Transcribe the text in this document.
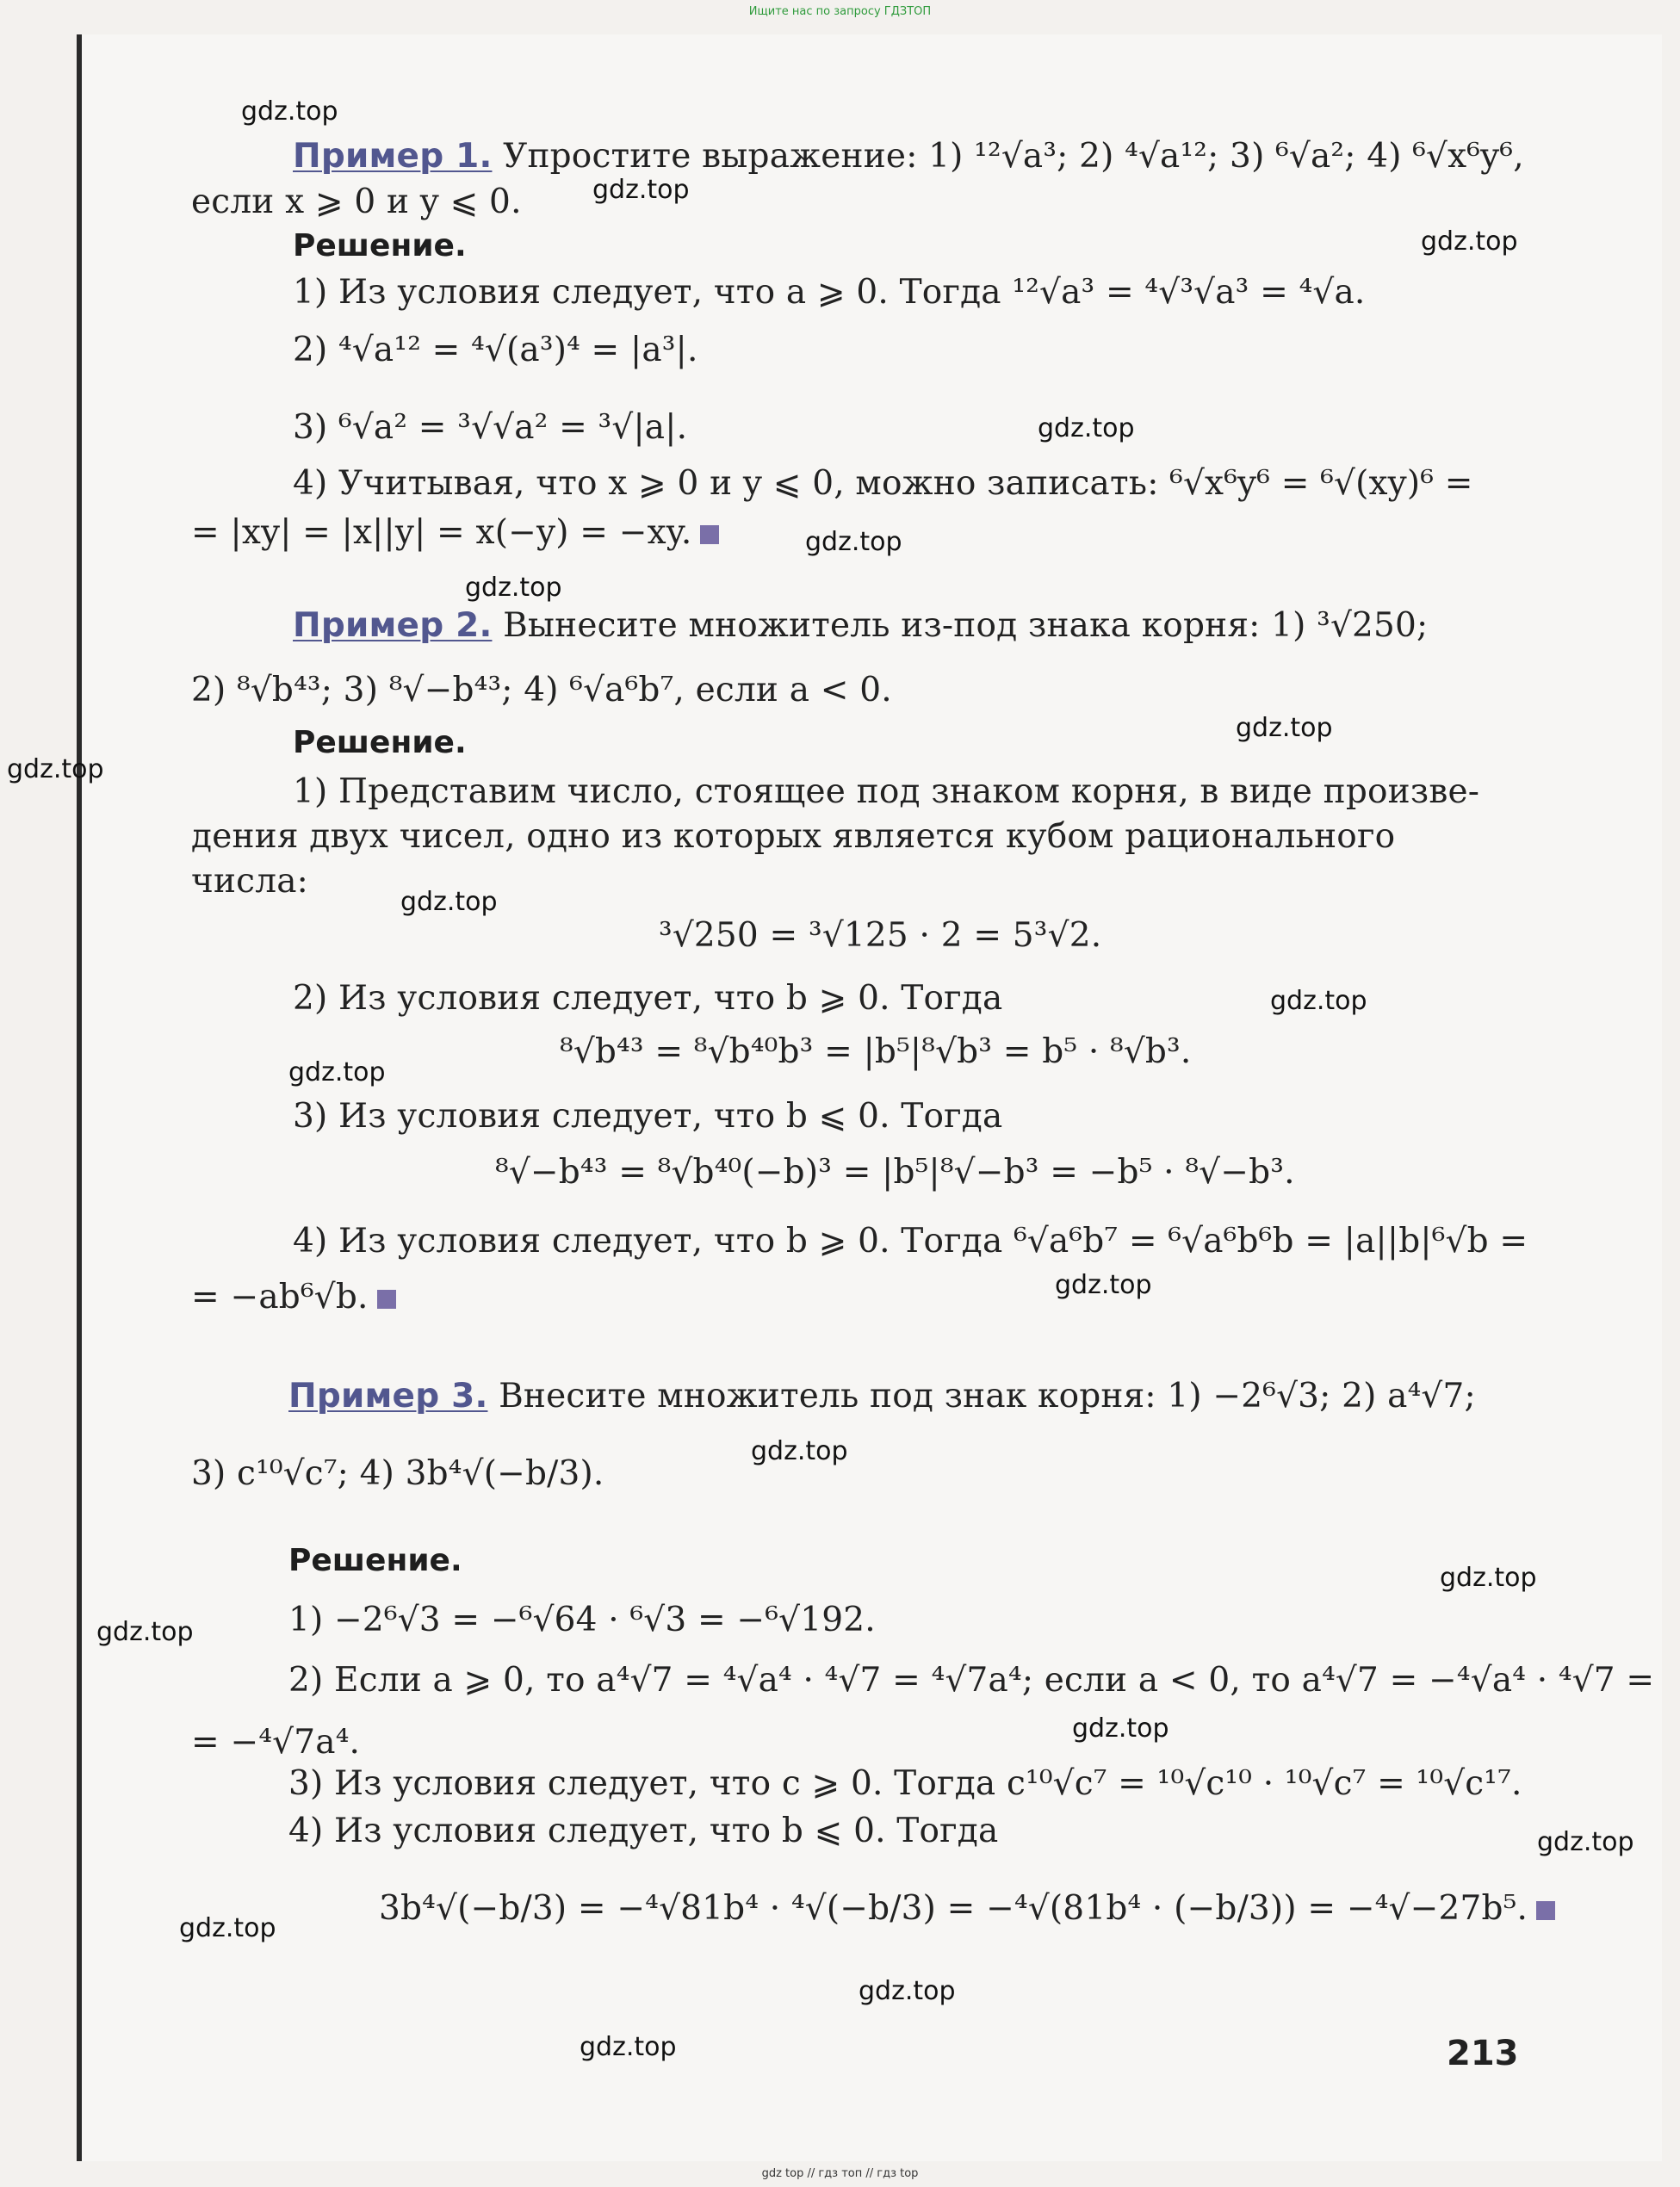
Ищите нас по запросу ГДЗТОП
gdz.top
gdz.top
gdz.top
gdz.top
gdz.top
gdz.top
gdz.top
gdz.top
gdz.top
gdz.top
gdz.top
gdz.top
gdz.top
gdz.top
gdz.top
gdz.top
gdz.top
gdz.top
gdz.top
gdz.top
Пример 1. Упростите выражение: 1) ¹²√a³; 2) ⁴√a¹²; 3) ⁶√a²; 4) ⁶√x⁶y⁶,
если x ⩾ 0 и y ⩽ 0.
Решение.
1) Из условия следует, что a ⩾ 0. Тогда ¹²√a³ = ⁴√³√a³ = ⁴√a.
2) ⁴√a¹² = ⁴√(a³)⁴ = |a³|.
3) ⁶√a² = ³√√a² = ³√|a|.
4) Учитывая, что x ⩾ 0 и y ⩽ 0, можно записать: ⁶√x⁶y⁶ = ⁶√(xy)⁶ =
= |xy| = |x||y| = x(−y) = −xy.
Пример 2. Вынесите множитель из-под знака корня: 1) ³√250;
2) ⁸√b⁴³; 3) ⁸√−b⁴³; 4) ⁶√a⁶b⁷, если a < 0.
Решение.
1) Представим число, стоящее под знаком корня, в виде произве-
дения двух чисел, одно из которых является кубом рационального
числа:
³√250 = ³√125 · 2 = 5³√2.
2) Из условия следует, что b ⩾ 0. Тогда
⁸√b⁴³ = ⁸√b⁴⁰b³ = |b⁵|⁸√b³ = b⁵ · ⁸√b³.
3) Из условия следует, что b ⩽ 0. Тогда
⁸√−b⁴³ = ⁸√b⁴⁰(−b)³ = |b⁵|⁸√−b³ = −b⁵ · ⁸√−b³.
4) Из условия следует, что b ⩾ 0. Тогда ⁶√a⁶b⁷ = ⁶√a⁶b⁶b = |a||b|⁶√b =
= −ab⁶√b.
Пример 3. Внесите множитель под знак корня: 1) −2⁶√3; 2) a⁴√7;
3) c¹⁰√c⁷; 4) 3b⁴√(−b/3).
Решение.
1) −2⁶√3 = −⁶√64 · ⁶√3 = −⁶√192.
2) Если a ⩾ 0, то a⁴√7 = ⁴√a⁴ · ⁴√7 = ⁴√7a⁴; если a < 0, то a⁴√7 = −⁴√a⁴ · ⁴√7 =
= −⁴√7a⁴.
3) Из условия следует, что c ⩾ 0. Тогда c¹⁰√c⁷ = ¹⁰√c¹⁰ · ¹⁰√c⁷ = ¹⁰√c¹⁷.
4) Из условия следует, что b ⩽ 0. Тогда
3b⁴√(−b/3) = −⁴√81b⁴ · ⁴√(−b/3) = −⁴√(81b⁴ · (−b/3)) = −⁴√−27b⁵.
213
gdz top // гдз топ // гдз top
